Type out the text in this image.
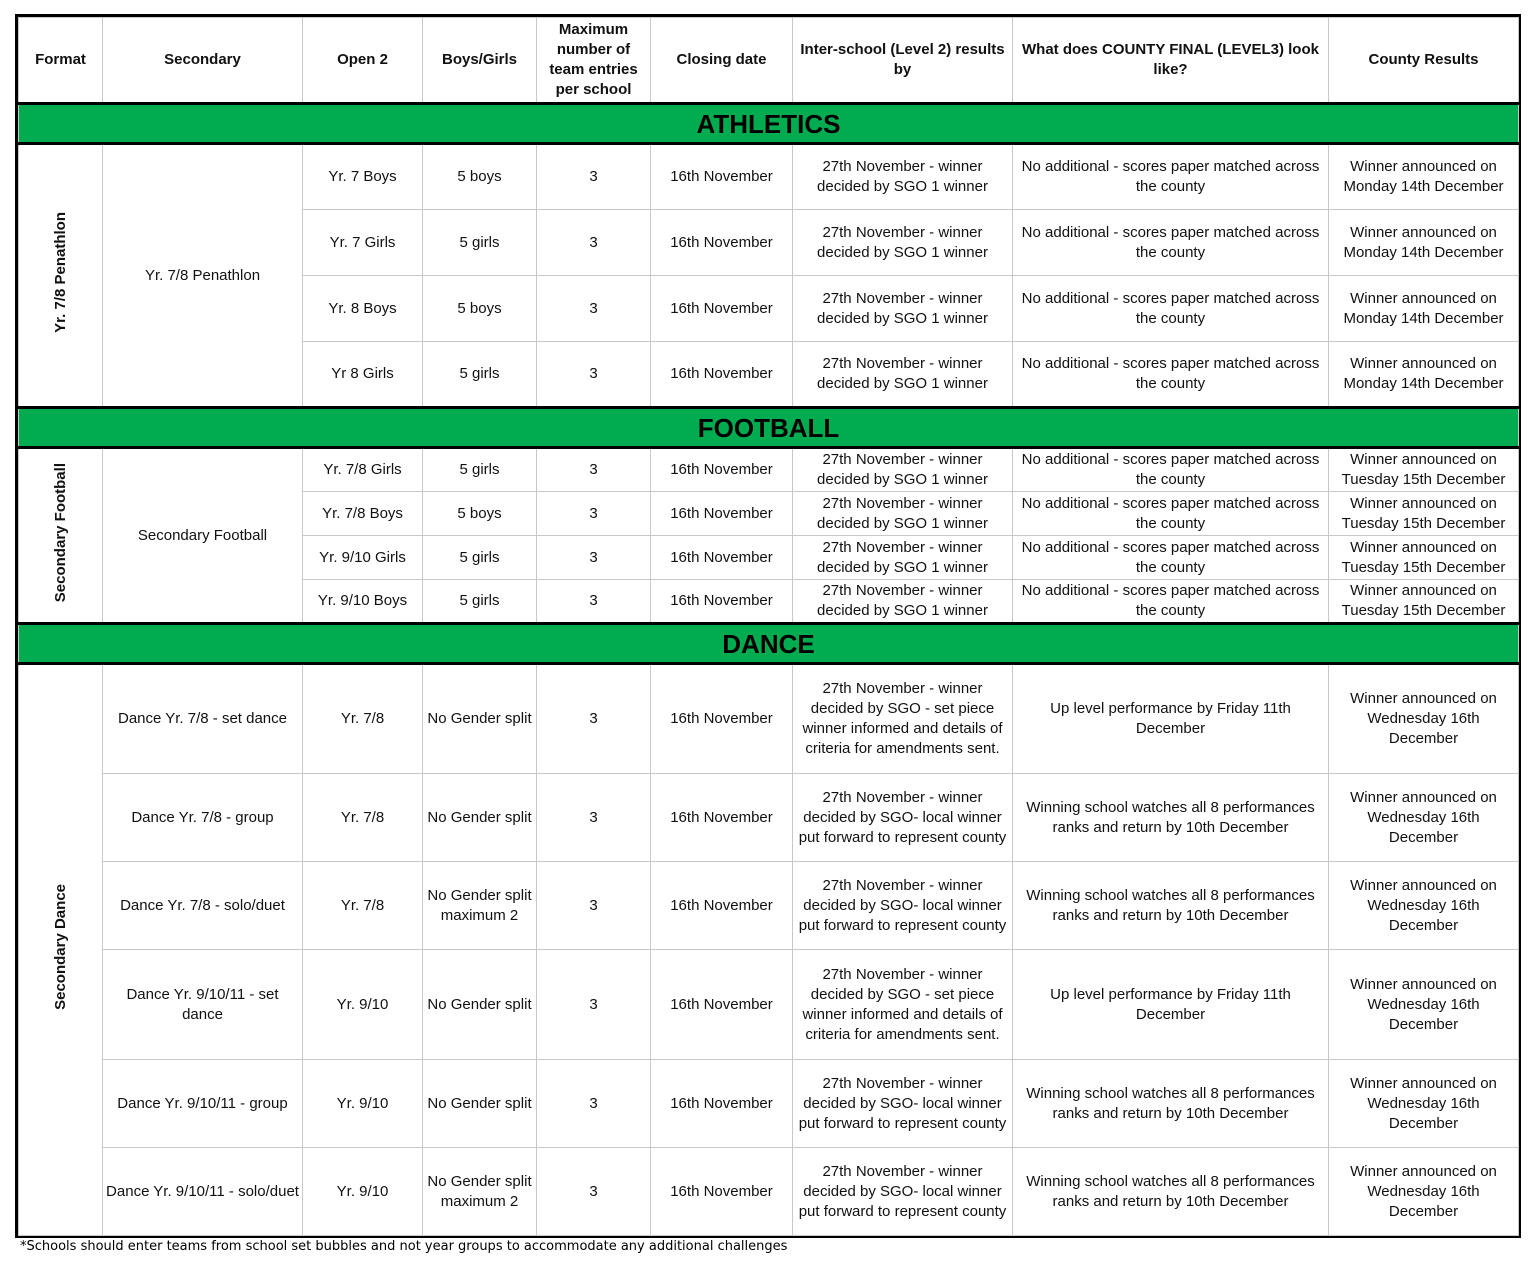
Format	Secondary	Open 2	Boys/Girls	Maximum number of team entries per school	Closing date	Inter-school (Level 2) results by	What does COUNTY FINAL (LEVEL3) look like?	County Results
ATHLETICS								
Yr. 7/8 Penathlon	Yr. 7/8 Penathlon	Yr. 7 Boys	5 boys	3	16th November	27th November - winner decided by SGO 1 winner	No additional - scores paper matched across the county	Winner announced on Monday 14th December
		Yr. 7 Girls	5 girls	3	16th November	27th November - winner decided by SGO 1 winner	No additional - scores paper matched across the county	Winner announced on Monday 14th December
		Yr. 8 Boys	5 boys	3	16th November	27th November - winner decided by SGO 1 winner	No additional - scores paper matched across the county	Winner announced on Monday 14th December
		Yr 8 Girls	5 girls	3	16th November	27th November - winner decided by SGO 1 winner	No additional - scores paper matched across the county	Winner announced on Monday 14th December
FOOTBALL								
Secondary Football	Secondary Football	Yr. 7/8 Girls	5 girls	3	16th November	27th November - winner decided by SGO 1 winner	No additional - scores paper matched across the county	Winner announced on Tuesday 15th December
		Yr. 7/8 Boys	5 boys	3	16th November	27th November - winner decided by SGO 1 winner	No additional - scores paper matched across the county	Winner announced on Tuesday 15th December
		Yr. 9/10 Girls	5 girls	3	16th November	27th November - winner decided by SGO 1 winner	No additional - scores paper matched across the county	Winner announced on Tuesday 15th December
		Yr. 9/10 Boys	5 girls	3	16th November	27th November - winner decided by SGO 1 winner	No additional - scores paper matched across the county	Winner announced on Tuesday 15th December
DANCE								
Secondary Dance	Dance Yr. 7/8 - set dance	Yr. 7/8	No Gender split	3	16th November	27th November - winner decided by SGO - set piece winner informed and details of criteria for amendments sent.	Up level performance by Friday 11th December	Winner announced on Wednesday 16th December
	Dance Yr. 7/8 - group	Yr. 7/8	No Gender split	3	16th November	27th November - winner decided by SGO- local winner put forward to represent county	Winning school watches all 8 performances ranks and return by 10th December	Winner announced on Wednesday 16th December
	Dance Yr. 7/8 - solo/duet	Yr. 7/8	No Gender split maximum 2	3	16th November	27th November - winner decided by SGO- local winner put forward to represent county	Winning school watches all 8 performances ranks and return by 10th December	Winner announced on Wednesday 16th December
	Dance Yr. 9/10/11 - set dance	Yr. 9/10	No Gender split	3	16th November	27th November - winner decided by SGO - set piece winner informed and details of criteria for amendments sent.	Up level performance by Friday 11th December	Winner announced on Wednesday 16th December
	Dance Yr. 9/10/11 - group	Yr. 9/10	No Gender split	3	16th November	27th November - winner decided by SGO- local winner put forward to represent county	Winning school watches all 8 performances ranks and return by 10th December	Winner announced on Wednesday 16th December
	Dance Yr. 9/10/11 - solo/duet	Yr. 9/10	No Gender split maximum 2	3	16th November	27th November - winner decided by SGO- local winner put forward to represent county	Winning school watches all 8 performances ranks and return by 10th December	Winner announced on Wednesday 16th December
*Schools should enter teams from school set bubbles and not year groups to accommodate any additional challenges
